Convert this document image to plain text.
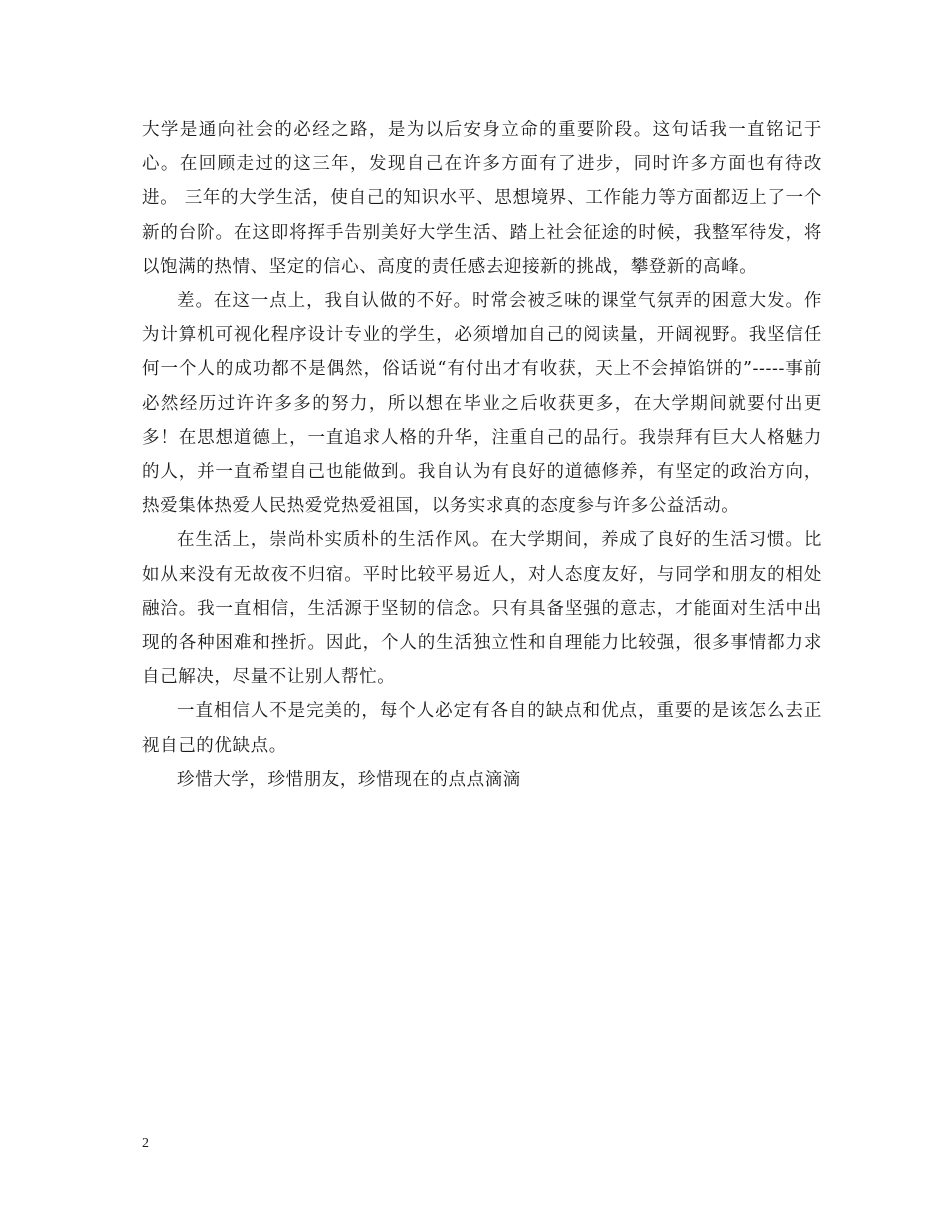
大学是通向社会的必经之路，是为以后安身立命的重要阶段。这句话我一直铭记于心。在回顾走过的这三年，发现自己在许多方面有了进步，同时许多方面也有待改进。 三年的大学生活，使自己的知识水平、思想境界、工作能力等方面都迈上了一个新的台阶。在这即将挥手告别美好大学生活、踏上社会征途的时候，我整军待发，将以饱满的热情、坚定的信心、高度的责任感去迎接新的挑战，攀登新的高峰。

差。在这一点上，我自认做的不好。时常会被乏味的课堂气氛弄的困意大发。作为计算机可视化程序设计专业的学生，必须增加自己的阅读量，开阔视野。我坚信任何一个人的成功都不是偶然，俗话说“有付出才有收获，天上不会掉馅饼的”-----事前必然经历过许许多多的努力，所以想在毕业之后收获更多，在大学期间就要付出更多！在思想道德上，一直追求人格的升华，注重自己的品行。我崇拜有巨大人格魅力的人，并一直希望自己也能做到。我自认为有良好的道德修养，有坚定的政治方向，热爱集体热爱人民热爱党热爱祖国，以务实求真的态度参与许多公益活动。

在生活上，崇尚朴实质朴的生活作风。在大学期间，养成了良好的生活习惯。比如从来没有无故夜不归宿。平时比较平易近人，对人态度友好，与同学和朋友的相处融洽。我一直相信，生活源于坚韧的信念。只有具备坚强的意志，才能面对生活中出现的各种困难和挫折。因此，个人的生活独立性和自理能力比较强，很多事情都力求自己解决，尽量不让别人帮忙。

一直相信人不是完美的，每个人必定有各自的缺点和优点，重要的是该怎么去正视自己的优缺点。

珍惜大学，珍惜朋友，珍惜现在的点点滴滴

2
